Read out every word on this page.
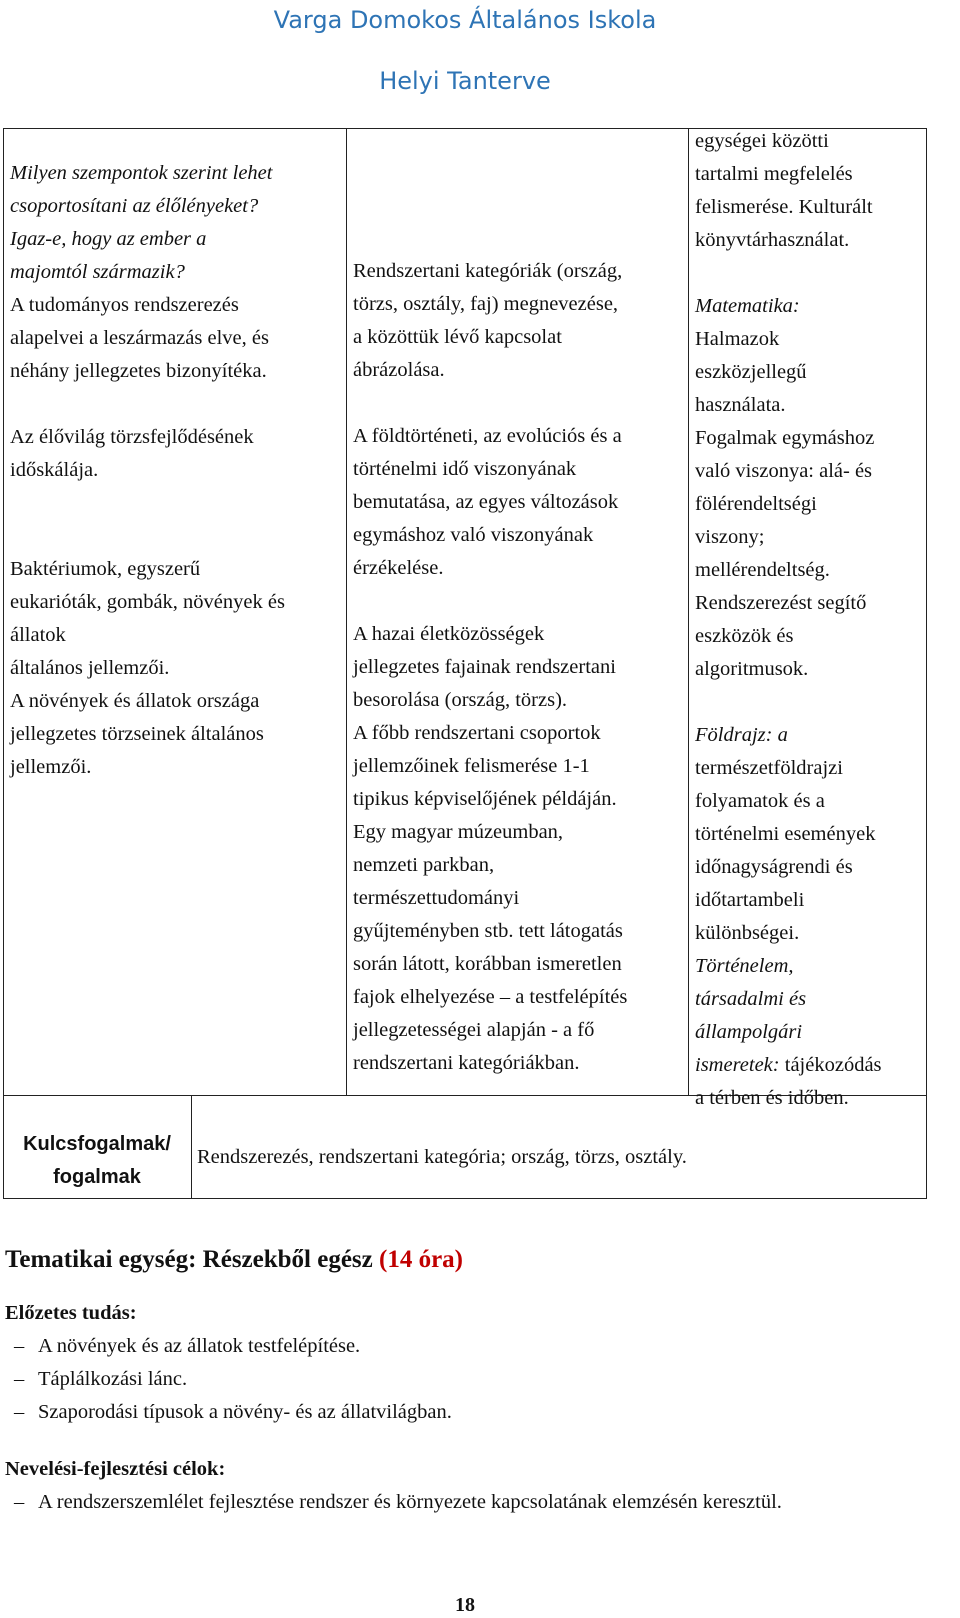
Varga Domokos Általános Iskola
Helyi Tanterve

Milyen szempontok szerint lehet

csoportosítani az élőlényeket?

Igaz-e, hogy az ember a

majomtól származik?

A tudományos rendszerezés

alapelvei a leszármazás elve, és

néhány jellegzetes bizonyítéka.

Az élővilág törzsfejlődésének

időskálája.

Baktériumok, egyszerű

eukarióták, gombák, növények és

állatok

általános jellemzői.

A növények és állatok országa

jellegzetes törzseinek általános

jellemzői.

Rendszertani kategóriák (ország,

törzs, osztály, faj) megnevezése,

a közöttük lévő kapcsolat

ábrázolása.

A földtörténeti, az evolúciós és a

történelmi idő viszonyának

bemutatása, az egyes változások

egymáshoz való viszonyának

érzékelése.

A hazai életközösségek

jellegzetes fajainak rendszertani

besorolása (ország, törzs).

A főbb rendszertani csoportok

jellemzőinek felismerése 1-1

tipikus képviselőjének példáján.

Egy magyar múzeumban,

nemzeti parkban,

természettudományi

gyűjteményben stb. tett látogatás

során látott, korábban ismeretlen

fajok elhelyezése – a testfelépítés

jellegzetességei alapján - a fő

rendszertani kategóriákban.

egységei közötti

tartalmi megfelelés

felismerése. Kulturált

könyvtárhasználat.

Matematika:

Halmazok

eszközjellegű

használata.

Fogalmak egymáshoz

való viszonya: alá- és

fölérendeltségi

viszony;

mellérendeltség.

Rendszerezést segítő

eszközök és

algoritmusok.

Földrajz: a

természetföldrajzi

folyamatok és a

történelmi események

időnagyságrendi és

időtartambeli

különbségei.

Történelem,

társadalmi és

állampolgári

ismeretek: tájékozódás

a térben és időben.

Kulcsfogalmak/
fogalmak
Rendszerezés, rendszertani kategória; ország, törzs, osztály.
Tematikai egység: Részekből egész (14 óra)
Előzetes tudás:
– A növények és az állatok testfelépítése.
– Táplálkozási lánc.
– Szaporodási típusok a növény- és az állatvilágban.
Nevelési-fejlesztési célok:
– A rendszerszemlélet fejlesztése rendszer és környezete kapcsolatának elemzésén keresztül.
18
